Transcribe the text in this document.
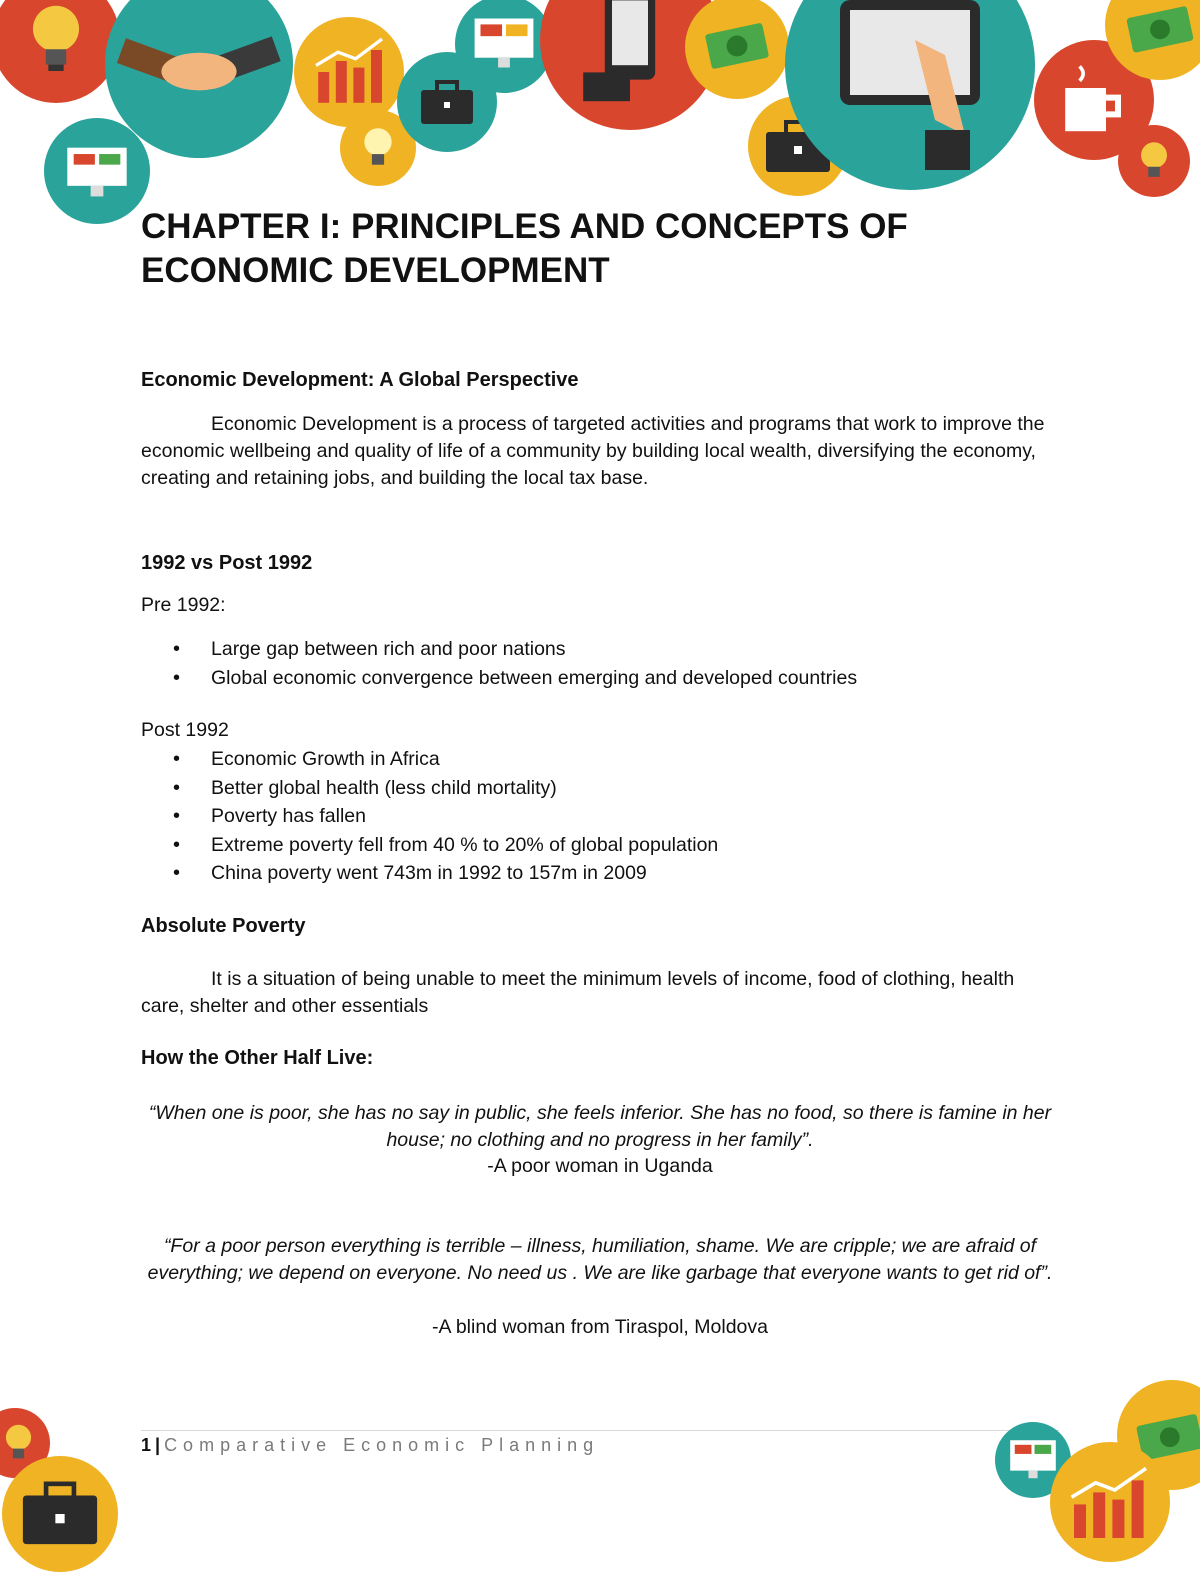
CHAPTER I: PRINCIPLES AND CONCEPTS OF ECONOMIC DEVELOPMENT
Economic Development: A Global Perspective

Economic Development is a process of targeted activities and programs that work to improve the economic wellbeing and quality of life of a community by building local wealth, diversifying the economy, creating and retaining jobs, and building the local tax base.

1992 vs Post 1992

Pre 1992:

• Large gap between rich and poor nations
• Global economic convergence between emerging and developed countries

Post 1992

• Economic Growth in Africa
• Better global health (less child mortality)
• Poverty has fallen
• Extreme poverty fell from 40 % to 20% of global population
• China poverty went 743m in 1992 to 157m in 2009
Absolute Poverty

It is a situation of being unable to meet the minimum levels of income, food of clothing, health care, shelter and other essentials

How the Other Half Live:

“When one is poor, she has no say in public, she feels inferior. She has no food, so there is famine in her house; no clothing and no progress in her family”.

-A poor woman in Uganda

“For a poor person everything is terrible – illness, humiliation, shame. We are cripple; we are afraid of everything; we depend on everyone. No need us . We are like garbage that everyone wants to get rid of”.

-A blind woman from Tiraspol, Moldova

1 | Comparative Economic Planning
